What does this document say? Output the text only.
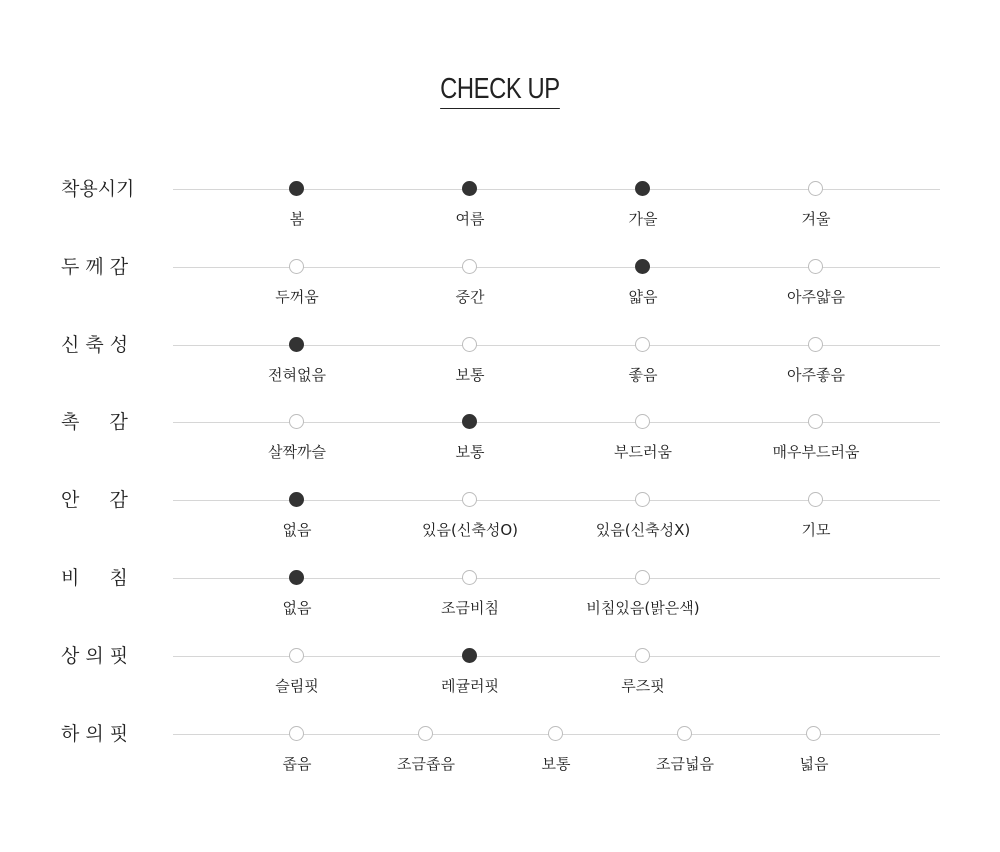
CHECK UP
착용시기
봄	여름	가을	겨울
두 께 감
두꺼움	중간	얇음	아주얇음
신 축 성
전혀없음	보통	좋음	아주좋음
촉     감
살짝까슬	보통	부드러움	매우부드러움
안     감
없음	있음(신축성O)	있음(신축성X)	기모
비     침
없음	조금비침	비침있음(밝은색)
상 의 핏
슬림핏	레귤러핏	루즈핏
하 의 핏
좁음	조금좁음	보통	조금넓음	넓음
